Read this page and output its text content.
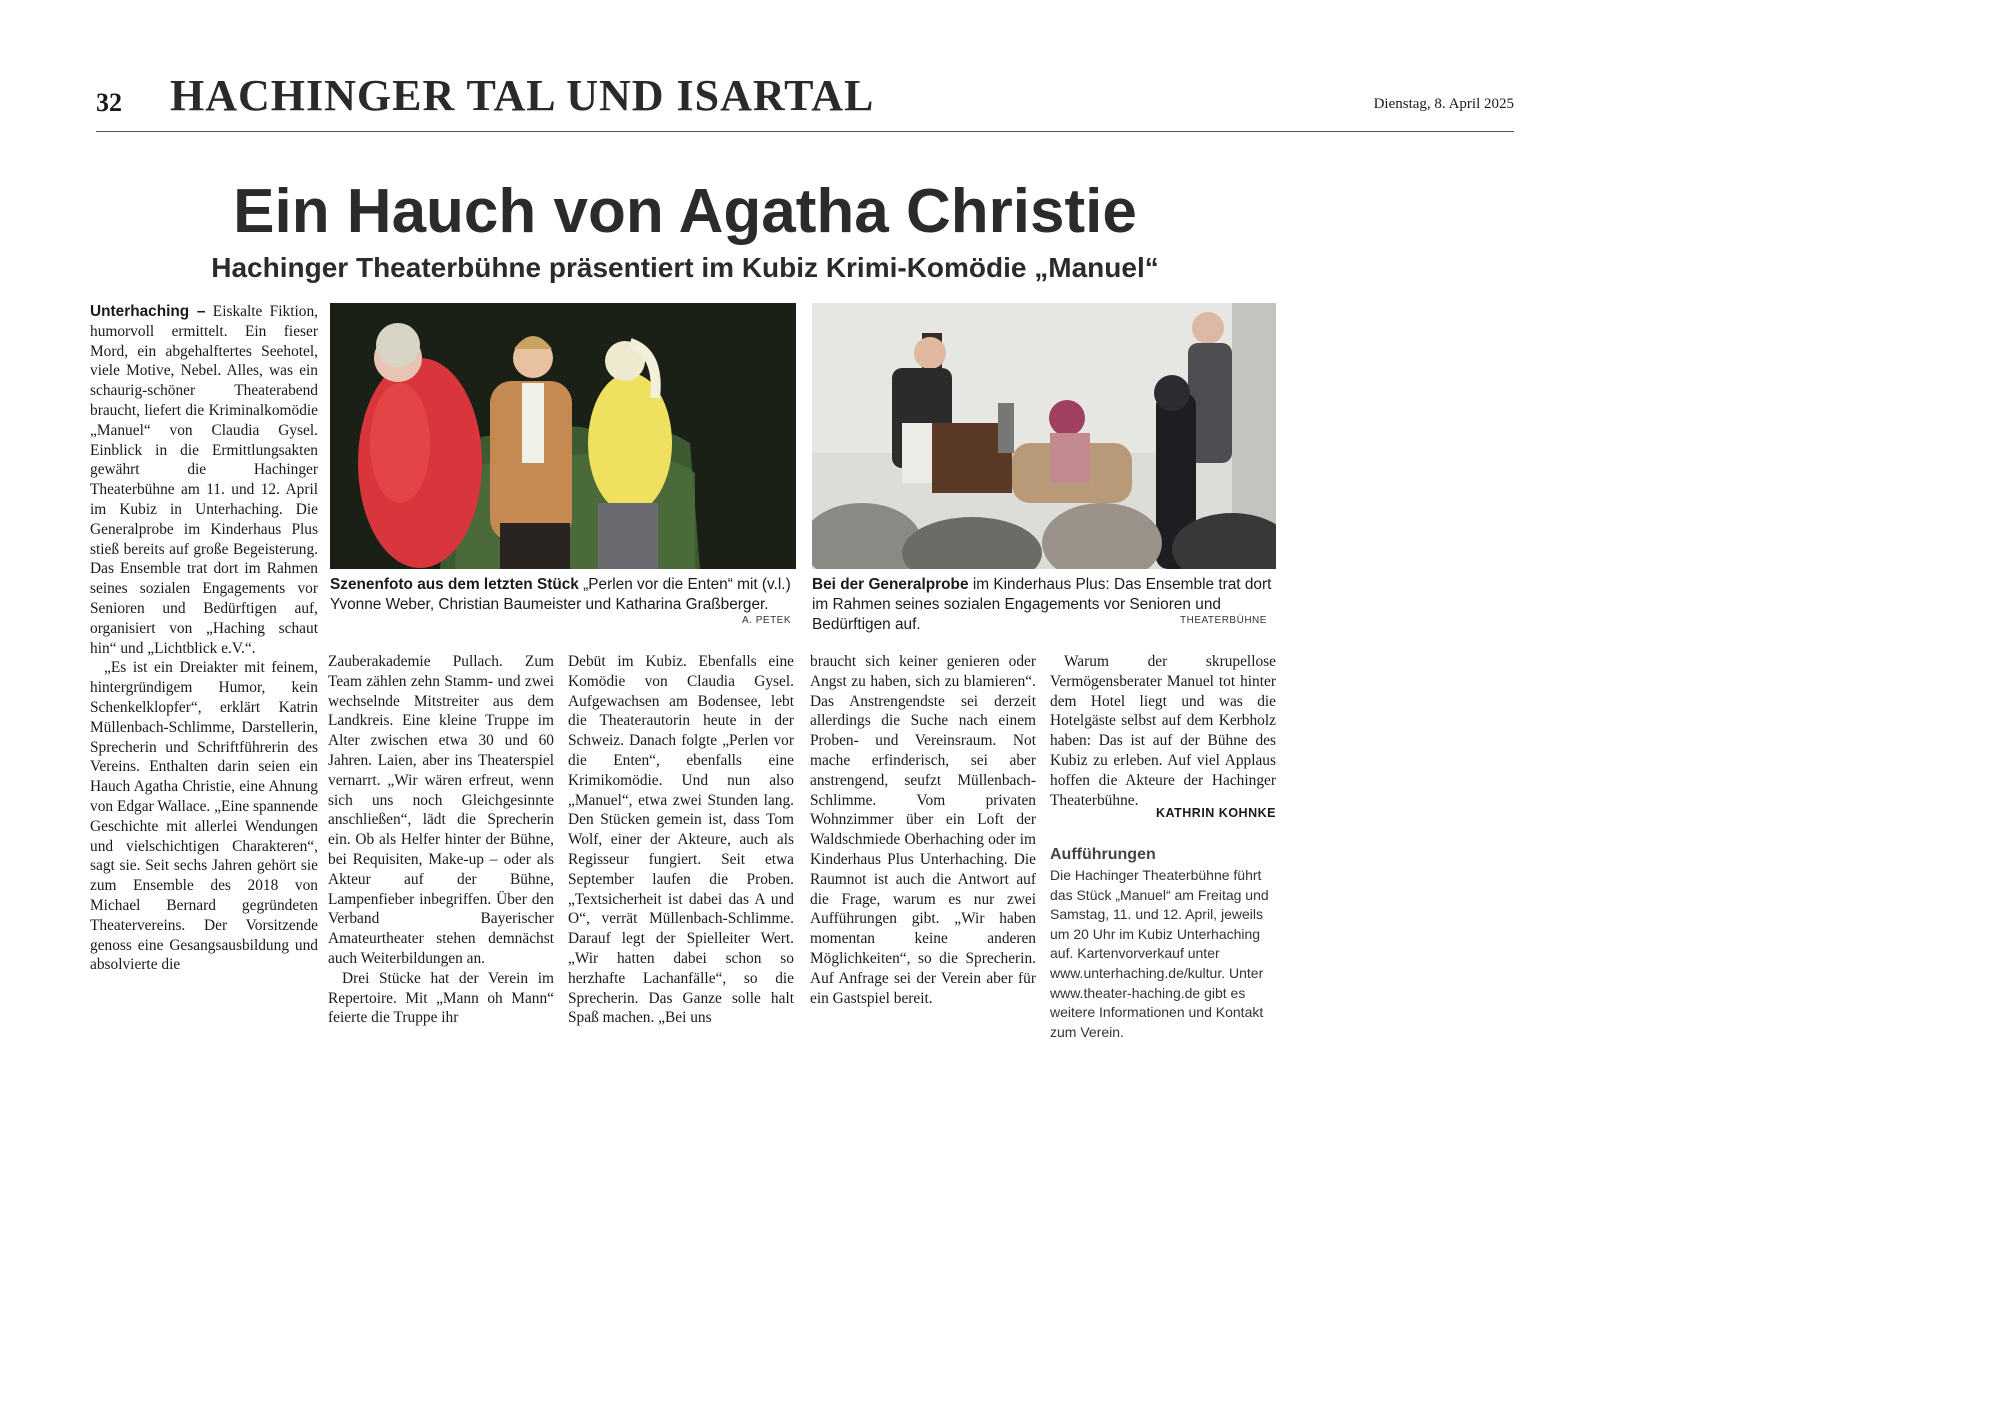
32 HACHINGER TAL UND ISARTAL	Dienstag, 8. April 2025
Ein Hauch von Agatha Christie
Hachinger Theaterbühne präsentiert im Kubiz Krimi-Komödie „Manuel“

Unterhaching – Eiskalte Fiktion, humorvoll ermittelt. Ein fieser Mord, ein abgehalftertes Seehotel, viele Motive, Nebel. Alles, was ein schaurig-schöner Theaterabend braucht, liefert die Kriminalkomödie „Manuel“ von Claudia Gysel. Einblick in die Ermittlungsakten gewährt die Hachinger Theaterbühne am 11. und 12. April im Kubiz in Unterhaching. Die Generalprobe im Kinderhaus Plus stieß bereits auf große Begeisterung. Das Ensemble trat dort im Rahmen seines sozialen Engagements vor Senioren und Bedürftigen auf, organisiert von „Haching schaut hin“ und „Lichtblick e.V.“.

„Es ist ein Dreiakter mit feinem, hintergründigem Humor, kein Schenkelklopfer“, erklärt Katrin Müllenbach-Schlimme, Darstellerin, Sprecherin und Schriftführerin des Vereins. Enthalten darin seien ein Hauch Agatha Christie, eine Ahnung von Edgar Wallace. „Eine spannende Geschichte mit allerlei Wendungen und vielschichtigen Charakteren“, sagt sie. Seit sechs Jahren gehört sie zum Ensemble des 2018 von Michael Bernard gegründeten Theatervereins. Der Vorsitzende genoss eine Gesangsausbildung und absolvierte die

Szenenfoto aus dem letzten Stück „Perlen vor die Enten“ mit (v.l.) Yvonne Weber, Christian Baumeister und Katharina Graßberger.
A. PETEK
Bei der Generalprobe im Kinderhaus Plus: Das Ensemble trat dort im Rahmen seines sozialen Engagements vor Senioren und Bedürftigen auf.	THEATERBÜHNE

Zauberakademie Pullach. Zum Team zählen zehn Stamm- und zwei wechselnde Mitstreiter aus dem Landkreis. Eine kleine Truppe im Alter zwischen etwa 30 und 60 Jahren. Laien, aber ins Theaterspiel vernarrt. „Wir wären erfreut, wenn sich uns noch Gleichgesinnte anschließen“, lädt die Sprecherin ein. Ob als Helfer hinter der Bühne, bei Requisiten, Make-up – oder als Akteur auf der Bühne, Lampenfieber inbegriffen. Über den Verband Bayerischer Amateurtheater stehen demnächst auch Weiterbildungen an.

Drei Stücke hat der Verein im Repertoire. Mit „Mann oh Mann“ feierte die Truppe ihr

Debüt im Kubiz. Ebenfalls eine Komödie von Claudia Gysel. Aufgewachsen am Bodensee, lebt die Theaterautorin heute in der Schweiz. Danach folgte „Perlen vor die Enten“, ebenfalls eine Krimikomödie. Und nun also „Manuel“, etwa zwei Stunden lang. Den Stücken gemein ist, dass Tom Wolf, einer der Akteure, auch als Regisseur fungiert. Seit etwa September laufen die Proben. „Textsicherheit ist dabei das A und O“, verrät Müllenbach-Schlimme. Darauf legt der Spielleiter Wert. „Wir hatten dabei schon so herzhafte Lachanfälle“, so die Sprecherin. Das Ganze solle halt Spaß machen. „Bei uns

braucht sich keiner genieren oder Angst zu haben, sich zu blamieren“. Das Anstrengendste sei derzeit allerdings die Suche nach einem Proben- und Vereinsraum. Not mache erfinderisch, sei aber anstrengend, seufzt Müllenbach-Schlimme. Vom privaten Wohnzimmer über ein Loft der Waldschmiede Oberhaching oder im Kinderhaus Plus Unterhaching. Die Raumnot ist auch die Antwort auf die Frage, warum es nur zwei Aufführungen gibt. „Wir haben momentan keine anderen Möglichkeiten“, so die Sprecherin. Auf Anfrage sei der Verein aber für ein Gastspiel bereit.

Warum der skrupellose Vermögensberater Manuel tot hinter dem Hotel liegt und was die Hotelgäste selbst auf dem Kerbholz haben: Das ist auf der Bühne des Kubiz zu erleben. Auf viel Applaus hoffen die Akteure der Hachinger Theaterbühne.

KATHRIN KOHNKE
Aufführungen
Die Hachinger Theaterbühne führt das Stück „Manuel“ am Freitag und Samstag, 11. und 12. April, jeweils um 20 Uhr im Kubiz Unterhaching auf. Kartenvorverkauf unter www.unterhaching.de/kultur. Unter www.theater-haching.de gibt es weitere Informationen und Kontakt zum Verein.
